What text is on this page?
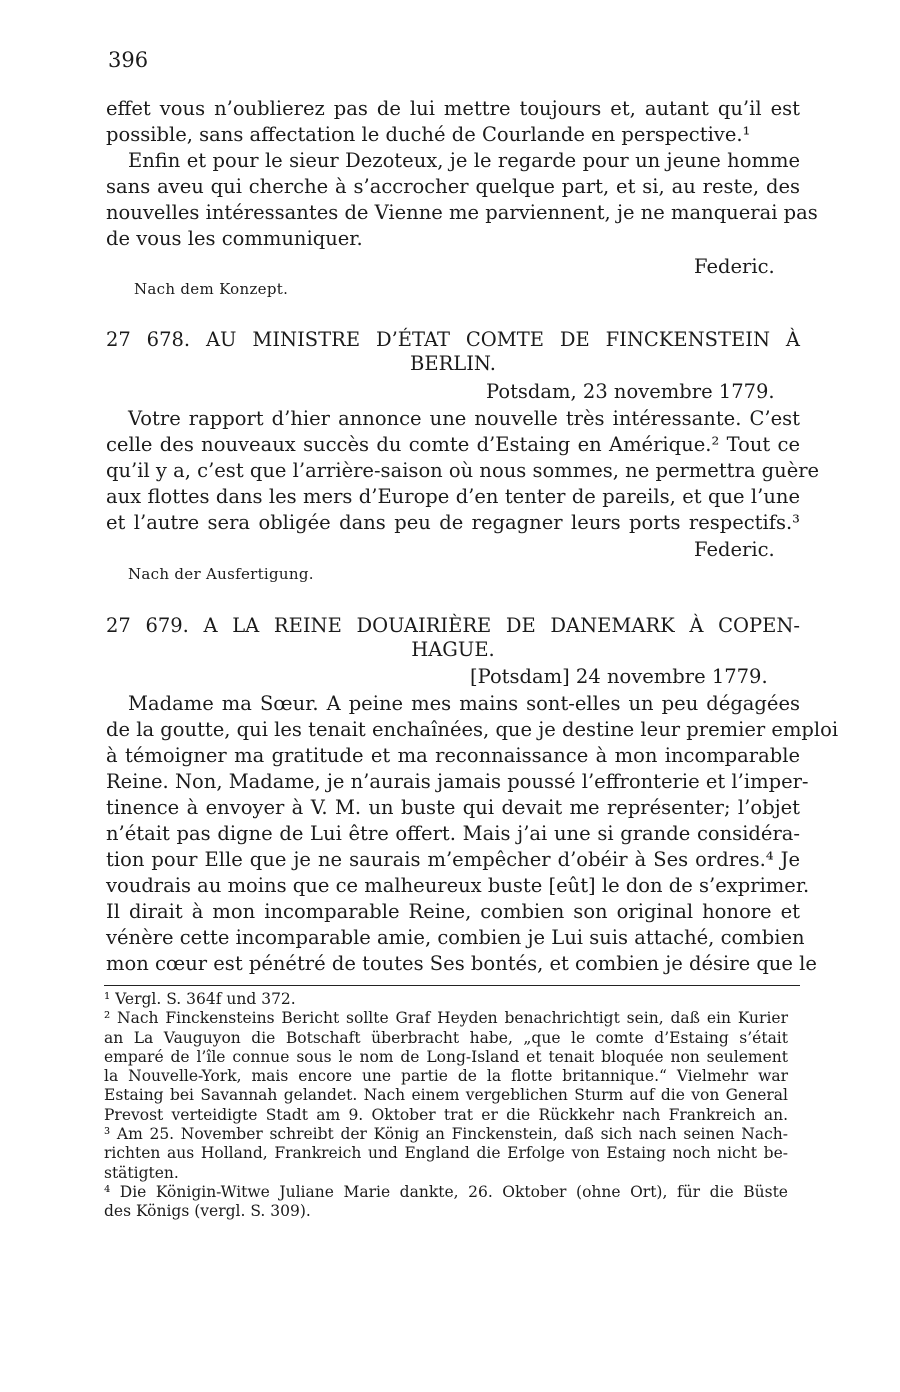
396
effet vous n’oublierez pas de lui mettre toujours et, autant qu’il est
possible, sans affectation le duché de Courlande en perspective.¹
Enfin et pour le sieur Dezoteux, je le regarde pour un jeune homme
sans aveu qui cherche à s’accrocher quelque part, et si, au reste, des
nouvelles intéressantes de Vienne me parviennent, je ne manquerai pas
de vous les communiquer.
Federic.
Nach dem Konzept.
27 678. AU MINISTRE D’ÉTAT COMTE DE FINCKENSTEIN À
BERLIN.
Potsdam, 23 novembre 1779.
Votre rapport d’hier annonce une nouvelle très intéressante. C’est
celle des nouveaux succès du comte d’Estaing en Amérique.² Tout ce
qu’il y a, c’est que l’arrière-saison où nous sommes, ne permettra guère
aux flottes dans les mers d’Europe d’en tenter de pareils, et que l’une
et l’autre sera obligée dans peu de regagner leurs ports respectifs.³
Federic.
Nach der Ausfertigung.
27 679. A LA REINE DOUAIRIÈRE DE DANEMARK À COPEN-
HAGUE.
[Potsdam] 24 novembre 1779.
Madame ma Sœur. A peine mes mains sont-elles un peu dégagées
de la goutte, qui les tenait enchaînées, que je destine leur premier emploi
à témoigner ma gratitude et ma reconnaissance à mon incomparable
Reine. Non, Madame, je n’aurais jamais poussé l’effronterie et l’imper-
tinence à envoyer à V. M. un buste qui devait me représenter; l’objet
n’était pas digne de Lui être offert. Mais j’ai une si grande considéra-
tion pour Elle que je ne saurais m’empêcher d’obéir à Ses ordres.⁴ Je
voudrais au moins que ce malheureux buste [eût] le don de s’exprimer.
Il dirait à mon incomparable Reine, combien son original honore et
vénère cette incomparable amie, combien je Lui suis attaché, combien
mon cœur est pénétré de toutes Ses bontés, et combien je désire que le
¹ Vergl. S. 364f und 372.
² Nach Finckensteins Bericht sollte Graf Heyden benachrichtigt sein, daß ein Kurier
an La Vauguyon die Botschaft überbracht habe, „que le comte d’Estaing s’était
emparé de l’île connue sous le nom de Long-Island et tenait bloquée non seulement
la Nouvelle-York, mais encore une partie de la flotte britannique.“ Vielmehr war
Estaing bei Savannah gelandet. Nach einem vergeblichen Sturm auf die von General
Prevost verteidigte Stadt am 9. Oktober trat er die Rückkehr nach Frankreich an.
³ Am 25. November schreibt der König an Finckenstein, daß sich nach seinen Nach-
richten aus Holland, Frankreich und England die Erfolge von Estaing noch nicht be-
stätigten.
⁴ Die Königin-Witwe Juliane Marie dankte, 26. Oktober (ohne Ort), für die Büste
des Königs (vergl. S. 309).
